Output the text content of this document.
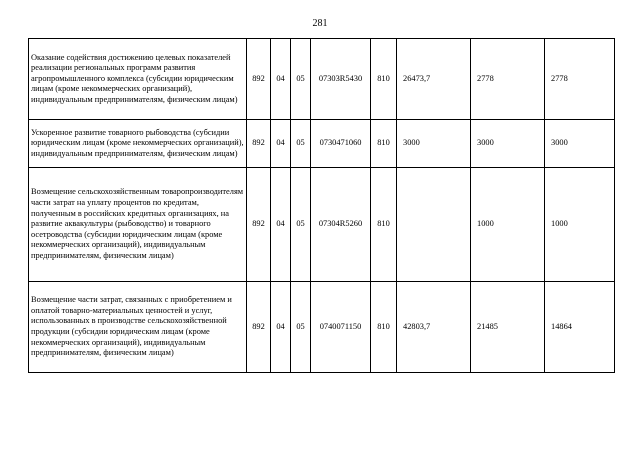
281
Оказание содействия достижению целевых показателей реализации региональных программ развития агропромышленного комплекса (субсидии юридическим лицам (кроме некоммерческих организаций), индивидуальным предпринимателям, физическим лицам)	892	04	05	07303R5430	810	26473,7	2778	2778
Ускоренное развитие товарного рыбоводства (субсидии юридическим лицам (кроме некоммерческих организаций), индивидуальным предпринимателям, физическим лицам)	892	04	05	0730471060	810	3000	3000	3000
Возмещение сельскохозяйственным товаропроизводителям части затрат на уплату процентов по кредитам, полученным в российских кредитных организациях, на развитие аквакультуры (рыбоводство) и товарного осетроводства (субсидии юридическим лицам (кроме некоммерческих организаций), индивидуальным предпринимателям, физическим лицам)	892	04	05	07304R5260	810		1000	1000
Возмещение части затрат, связанных с приобретением и оплатой товарно-материальных ценностей и услуг, использованных в производстве сельскохозяйственной продукции (субсидии юридическим лицам (кроме некоммерческих организаций), индивидуальным предпринимателям, физическим лицам)	892	04	05	0740071150	810	42803,7	21485	14864
